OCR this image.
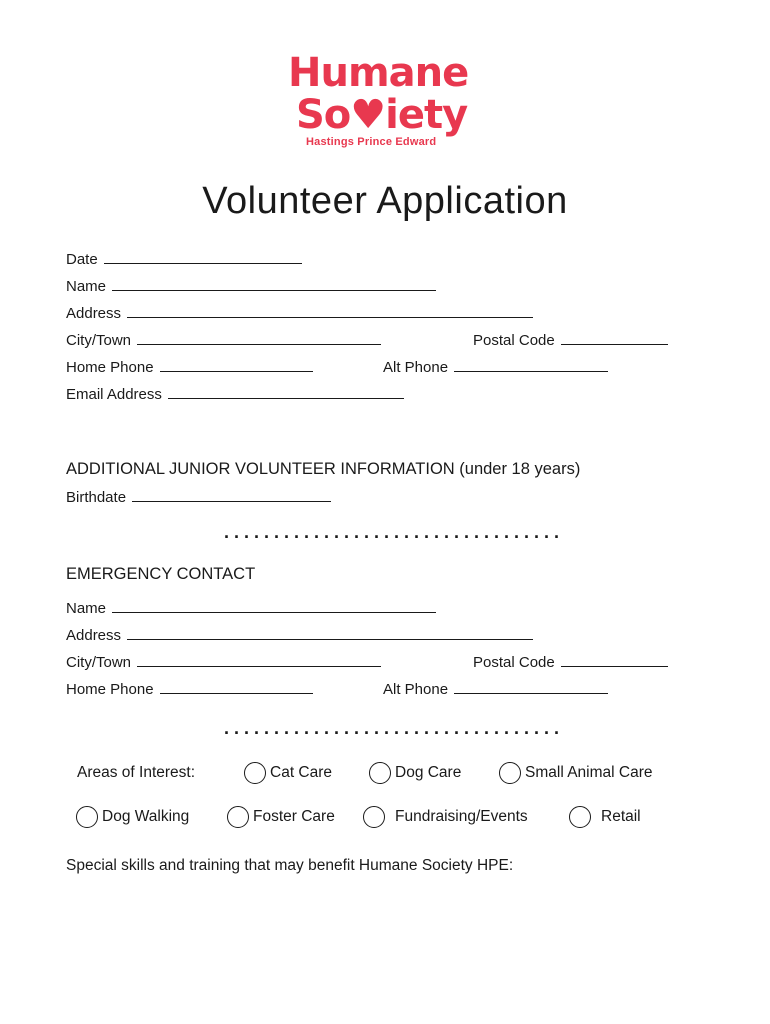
Humane
So♥iety
Hastings Prince Edward
Volunteer Application
Date
Name
Address
City/Town	Postal Code
Home Phone	Alt Phone
Email Address
ADDITIONAL JUNIOR VOLUNTEER INFORMATION (under 18 years)
Birthdate
..................................
EMERGENCY CONTACT
Name
Address
City/Town	Postal Code
Home Phone	Alt Phone
..................................
Areas of Interest:	Cat Care	Dog Care	Small Animal Care
Dog Walking	Foster Care	Fundraising/Events	Retail
Special skills and training that may benefit Humane Society HPE:
